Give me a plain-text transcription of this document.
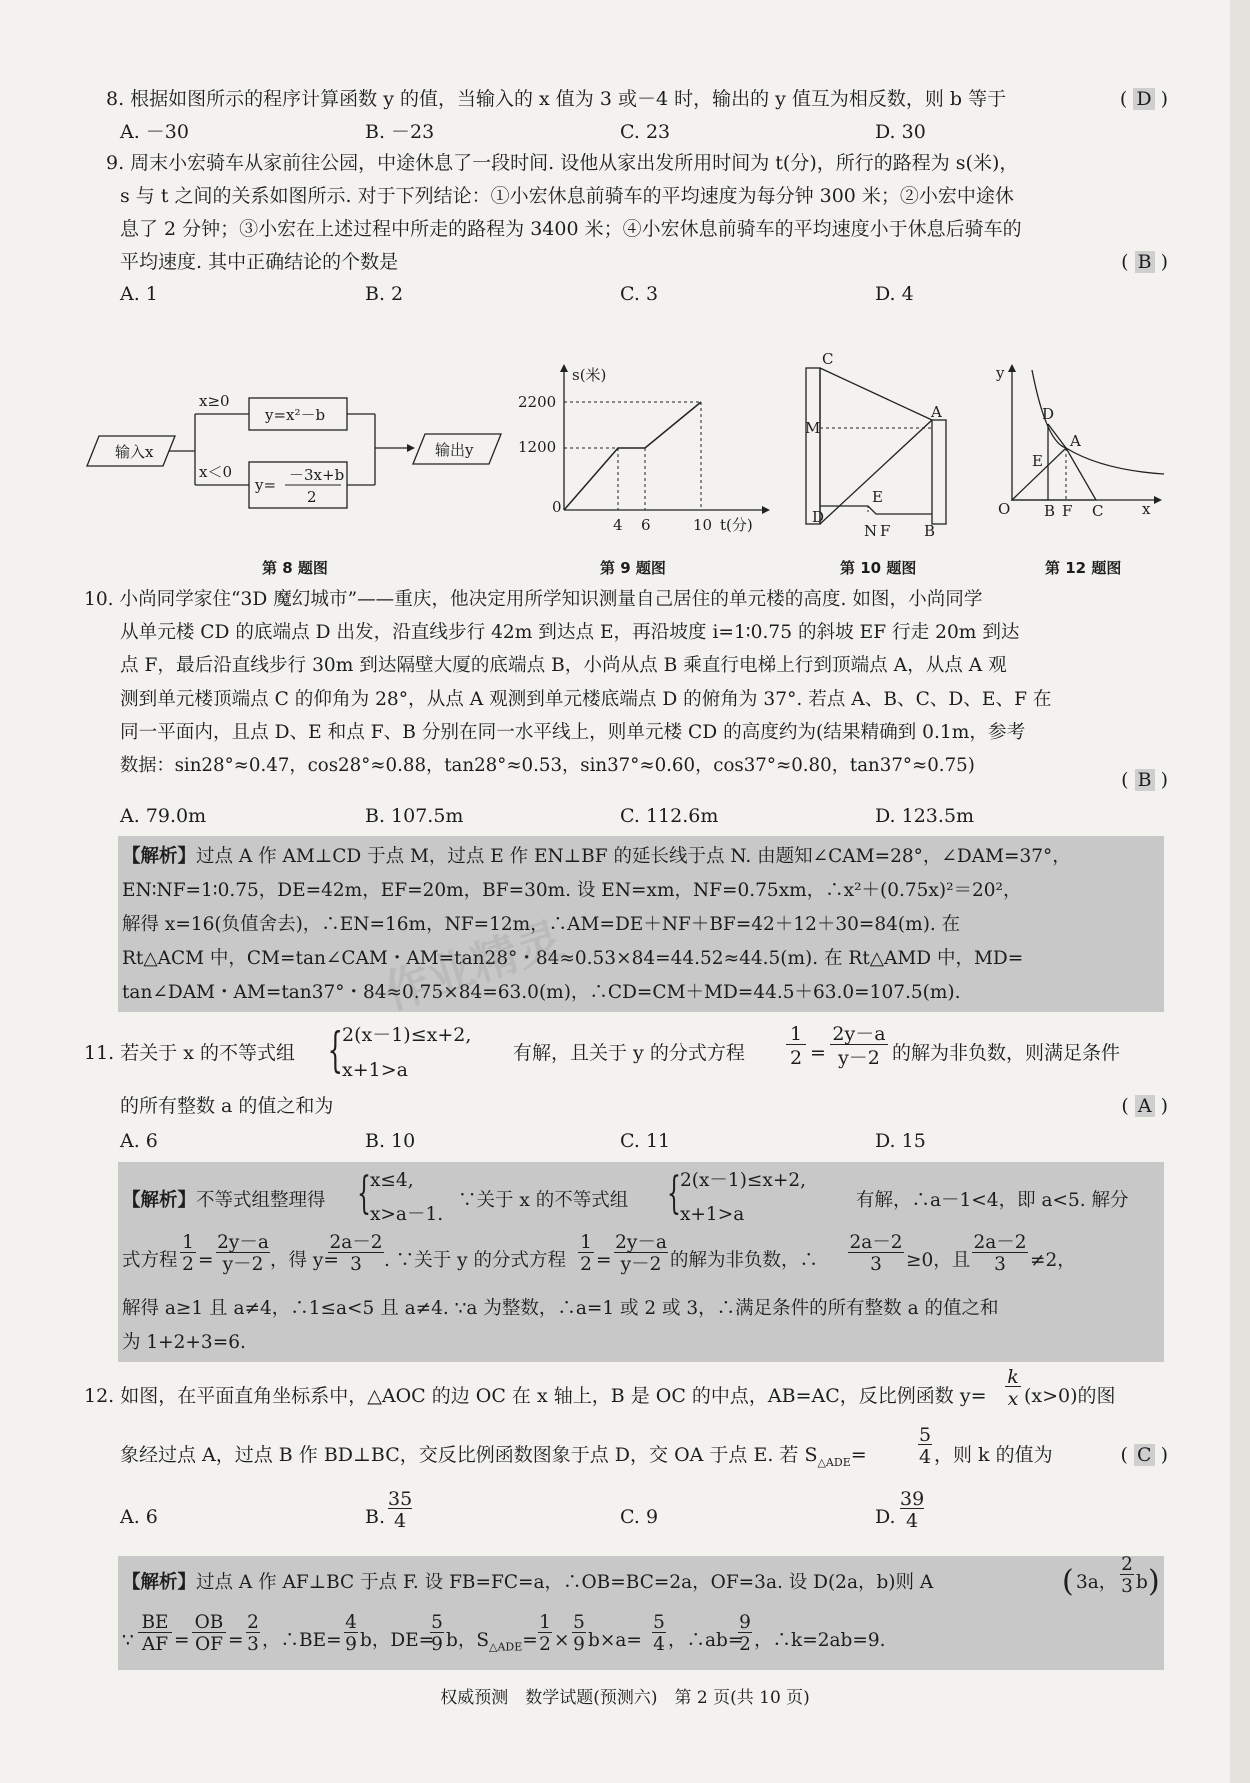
8. 根据如图所示的程序计算函数 y 的值，当输入的 x 值为 3 或－4 时，输出的 y 值互为相反数，则 b 等于	( D )
A. －30	B. －23	C. 23	D. 30
9. 周末小宏骑车从家前往公园，中途休息了一段时间. 设他从家出发所用时间为 t(分)，所行的路程为 s(米)，
s 与 t 之间的关系如图所示. 对于下列结论：①小宏休息前骑车的平均速度为每分钟 300 米；②小宏中途休
息了 2 分钟；③小宏在上述过程中所走的路程为 3400 米；④小宏休息前骑车的平均速度小于休息后骑车的
平均速度. 其中正确结论的个数是	( B )
A. 1	B. 2	C. 3	D. 4
输入x
x≥0
x＜0
y=x²－b
y=
－3x+b
2
输出y
第 8 题图
s(米)
t(分)
2200
1200
0
4 6	10
第 9 题图
C
M
A
E
D
N F B
第 10 题图
y
D
A
E
O B F C	x
第 12 题图
10. 小尚同学家住“3D 魔幻城市”——重庆，他决定用所学知识测量自己居住的单元楼的高度. 如图，小尚同学
从单元楼 CD 的底端点 D 出发，沿直线步行 42m 到达点 E，再沿坡度 i=1∶0.75 的斜坡 EF 行走 20m 到达
点 F，最后沿直线步行 30m 到达隔壁大厦的底端点 B，小尚从点 B 乘直行电梯上行到顶端点 A，从点 A 观
测到单元楼顶端点 C 的仰角为 28°，从点 A 观测到单元楼底端点 D 的俯角为 37°. 若点 A、B、C、D、E、F 在
同一平面内，且点 D、E 和点 F、B 分别在同一水平线上，则单元楼 CD 的高度约为(结果精确到 0.1m，参考
数据：sin28°≈0.47，cos28°≈0.88，tan28°≈0.53，sin37°≈0.60，cos37°≈0.80，tan37°≈0.75)
( B )
A. 79.0m	B. 107.5m	C. 112.6m	D. 123.5m
【解析】过点 A 作 AM⊥CD 于点 M，过点 E 作 EN⊥BF 的延长线于点 N. 由题知∠CAM=28°，∠DAM=37°，
EN∶NF=1∶0.75，DE=42m，EF=20m，BF=30m. 设 EN=xm，NF=0.75xm，∴x²＋(0.75x)²＝20²，
解得 x=16(负值舍去)，∴EN=16m，NF=12m，∴AM=DE＋NF＋BF=42＋12＋30=84(m). 在
Rt△ACM 中，CM=tan∠CAM・AM=tan28°・84≈0.53×84=44.52≈44.5(m). 在 Rt△AMD 中，MD=
tan∠DAM・AM=tan37°・84≈0.75×84=63.0(m)，∴CD=CM＋MD=44.5＋63.0=107.5(m).
11. 若关于 x 的不等式组 { 2(x－1)≤x+2,
x+1>a
有解，且关于 y 的分式方程
1
2 =
2y－a
y－2 的解为非负数，则满足条件
的所有整数 a 的值之和为	( A )
A. 6	B. 10	C. 11	D. 15
【解析】不等式组整理得 { x≤4,
x>a－1.
∵关于 x 的不等式组 { 2(x－1)≤x+2,
x+1>a
有解，∴a－1<4，即 a<5. 解分
式方程
1
2 =
2y－a
y－2 ，得 y=
2a－2
3	. ∵关于 y 的分式方程
1
2 =
2y－a
y－2 的解为非负数，∴
2a－2
3	≥0，且
2a－2
3	≠2，
解得 a≥1 且 a≠4，∴1≤a<5 且 a≠4. ∵a 为整数，∴a=1 或 2 或 3，∴满足条件的所有整数 a 的值之和
为 1+2+3=6.
12. 如图，在平面直角坐标系中，△AOC 的边 OC 在 x 轴上，B 是 OC 的中点，AB=AC，反比例函数 y=
k
x (x>0)的图
象经过点 A，过点 B 作 BD⊥BC，交反比例函数图象于点 D，交 OA 于点 E. 若 $S_{\triangle ADE}=$
5
4 ，则 k 的值为	( C )
A. 6	B.
35
4	C. 9	D.
39
4
【解析】过点 A 作 AF⊥BC 于点 F. 设 FB=FC=a，∴OB=BC=2a，OF=3a. 设 D(2a，b)则 A	( 3a，
2
3 b )
∵
BE
AF =
OB
OF =
2
3 ，∴BE=
4
9 b，DE=
5
9 b，$S_{\triangle ADE}=$
1
2 ×
5
9 b×a=
5
4 ，∴ab=
9
2 ，∴k=2ab=9.
作业精灵
权威预测　数学试题(预测六)　第 2 页(共 10 页)
